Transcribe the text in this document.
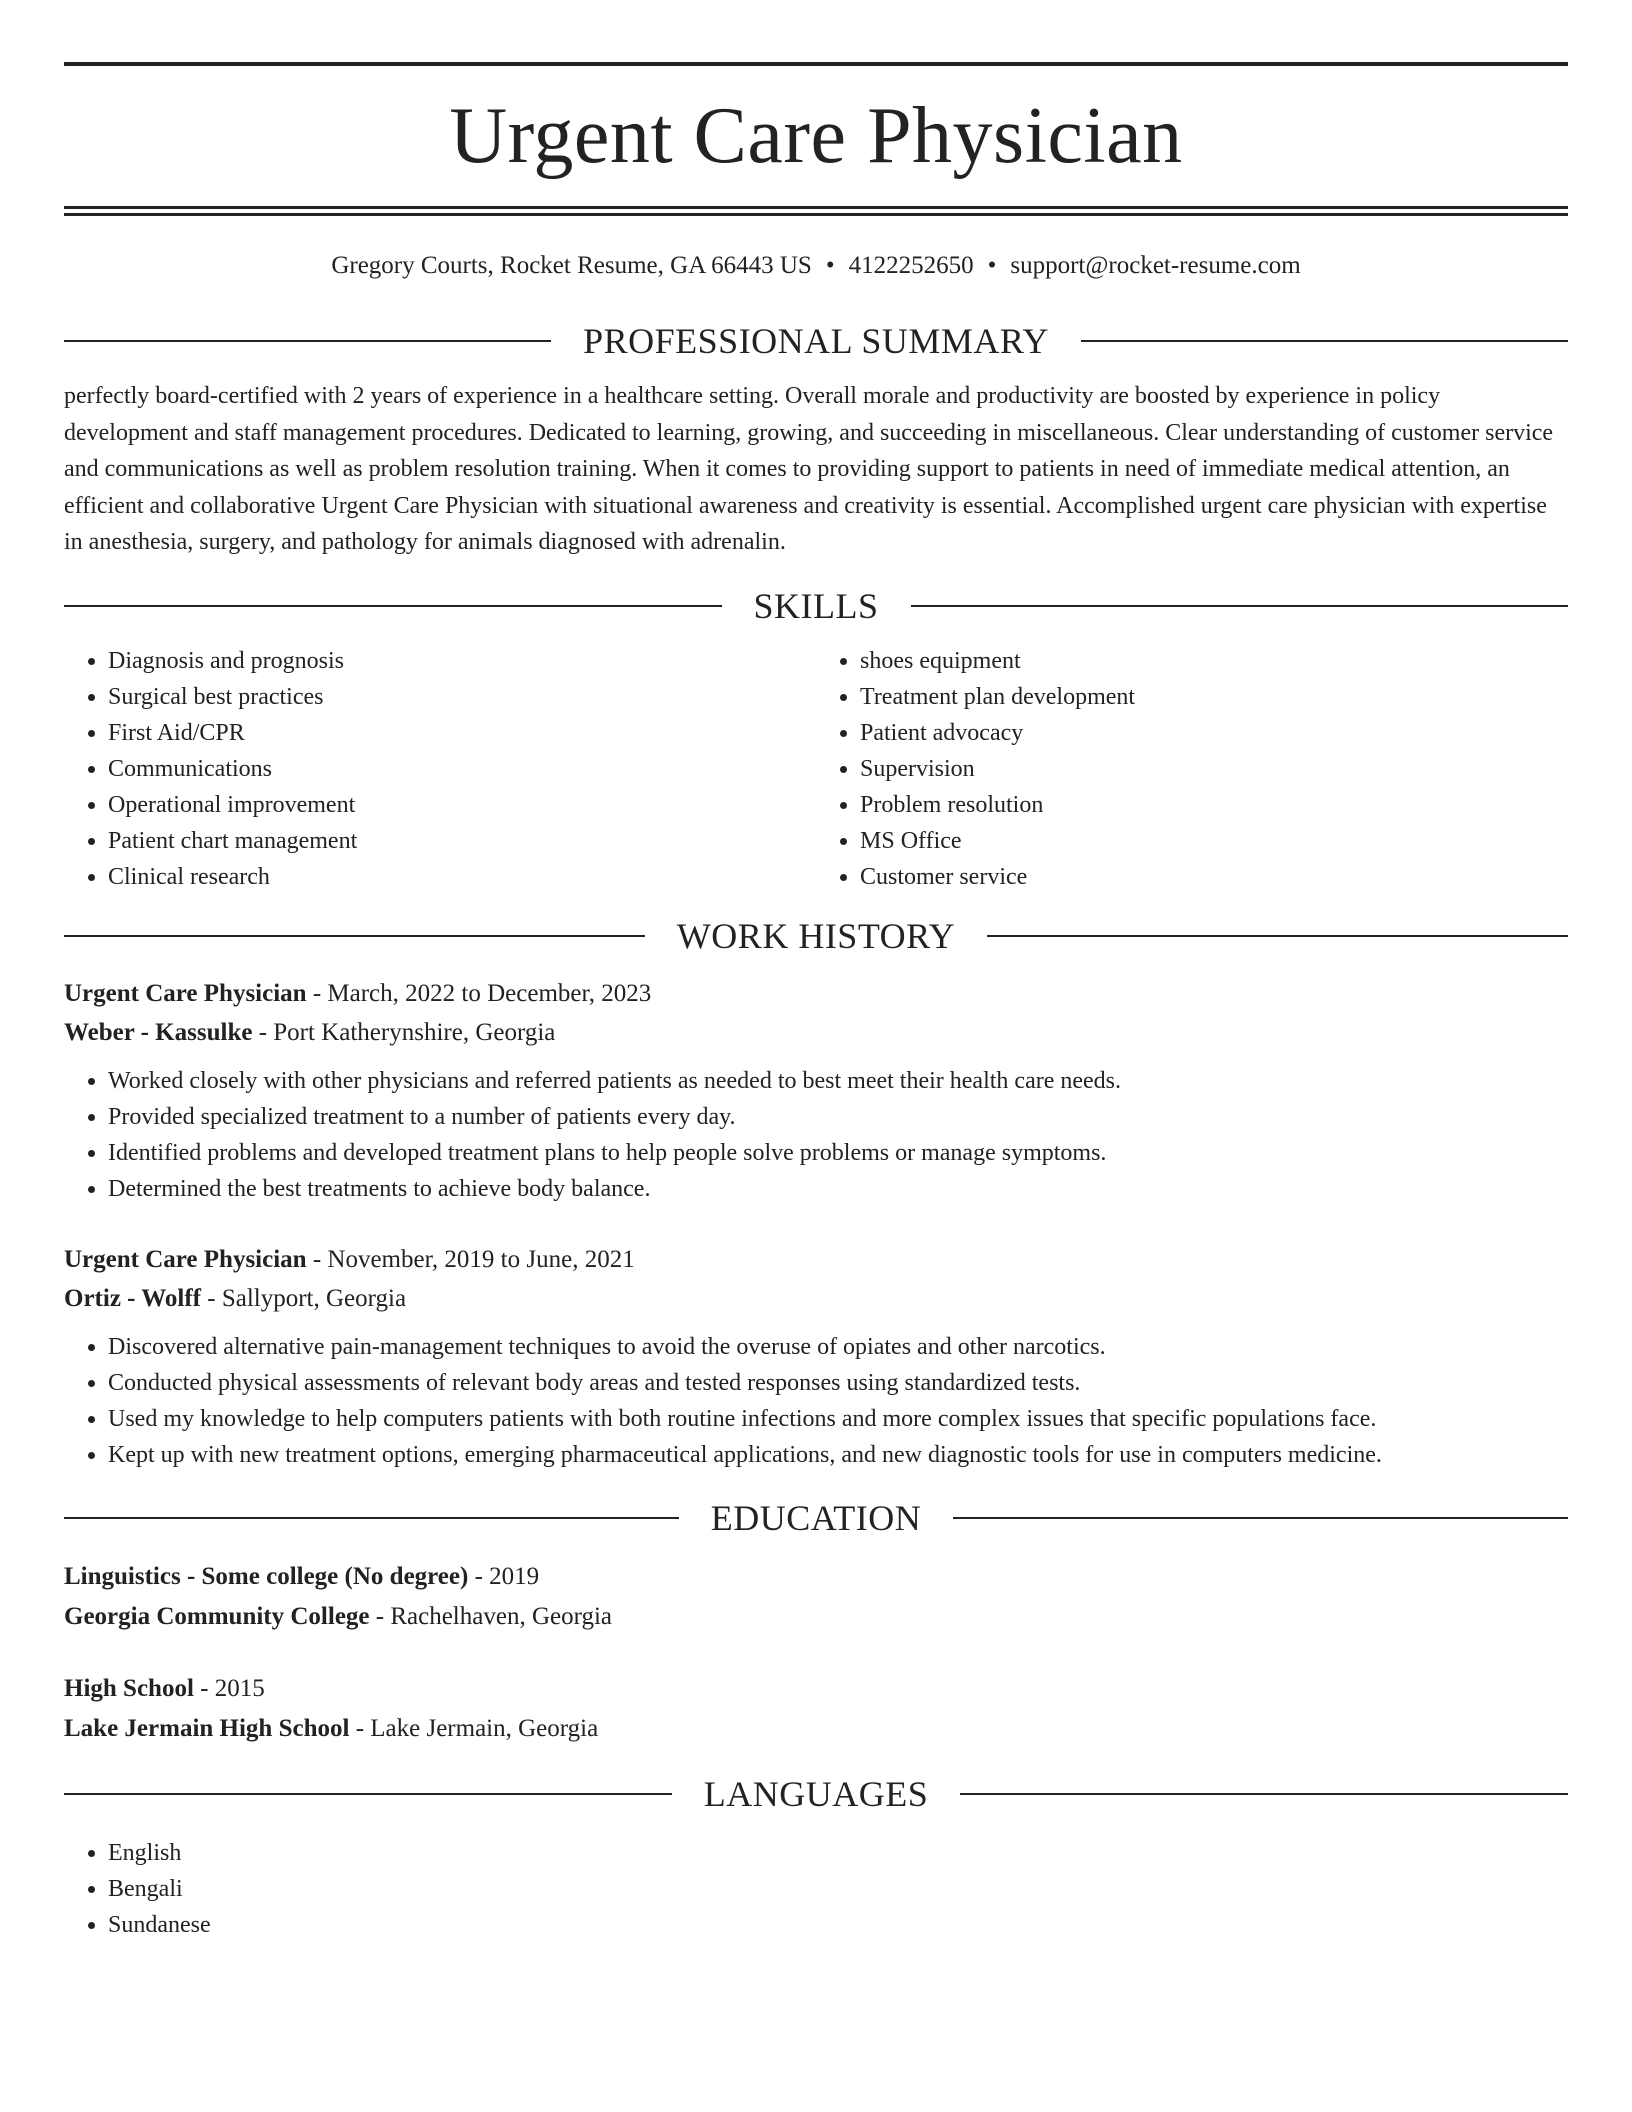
Urgent Care Physician
Gregory Courts, Rocket Resume, GA 66443 US • 4122252650 • support@rocket-resume.com
PROFESSIONAL SUMMARY
perfectly board-certified with 2 years of experience in a healthcare setting. Overall morale and productivity are boosted by experience in policy development and staff management procedures. Dedicated to learning, growing, and succeeding in miscellaneous. Clear understanding of customer service and communications as well as problem resolution training. When it comes to providing support to patients in need of immediate medical attention, an efficient and collaborative Urgent Care Physician with situational awareness and creativity is essential. Accomplished urgent care physician with expertise in anesthesia, surgery, and pathology for animals diagnosed with adrenalin.
SKILLS
• Diagnosis and prognosis
• Surgical best practices
• First Aid/CPR
• Communications
• Operational improvement
• Patient chart management
• Clinical research
• shoes equipment
• Treatment plan development
• Patient advocacy
• Supervision
• Problem resolution
• MS Office
• Customer service
WORK HISTORY
Urgent Care Physician - March, 2022 to December, 2023
Weber - Kassulke - Port Katherynshire, Georgia
• Worked closely with other physicians and referred patients as needed to best meet their health care needs.
• Provided specialized treatment to a number of patients every day.
• Identified problems and developed treatment plans to help people solve problems or manage symptoms.
• Determined the best treatments to achieve body balance.
Urgent Care Physician - November, 2019 to June, 2021
Ortiz - Wolff - Sallyport, Georgia
• Discovered alternative pain-management techniques to avoid the overuse of opiates and other narcotics.
• Conducted physical assessments of relevant body areas and tested responses using standardized tests.
• Used my knowledge to help computers patients with both routine infections and more complex issues that specific populations face.
• Kept up with new treatment options, emerging pharmaceutical applications, and new diagnostic tools for use in computers medicine.
EDUCATION
Linguistics - Some college (No degree) - 2019
Georgia Community College - Rachelhaven, Georgia
High School - 2015
Lake Jermain High School - Lake Jermain, Georgia
LANGUAGES
• English
• Bengali
• Sundanese
